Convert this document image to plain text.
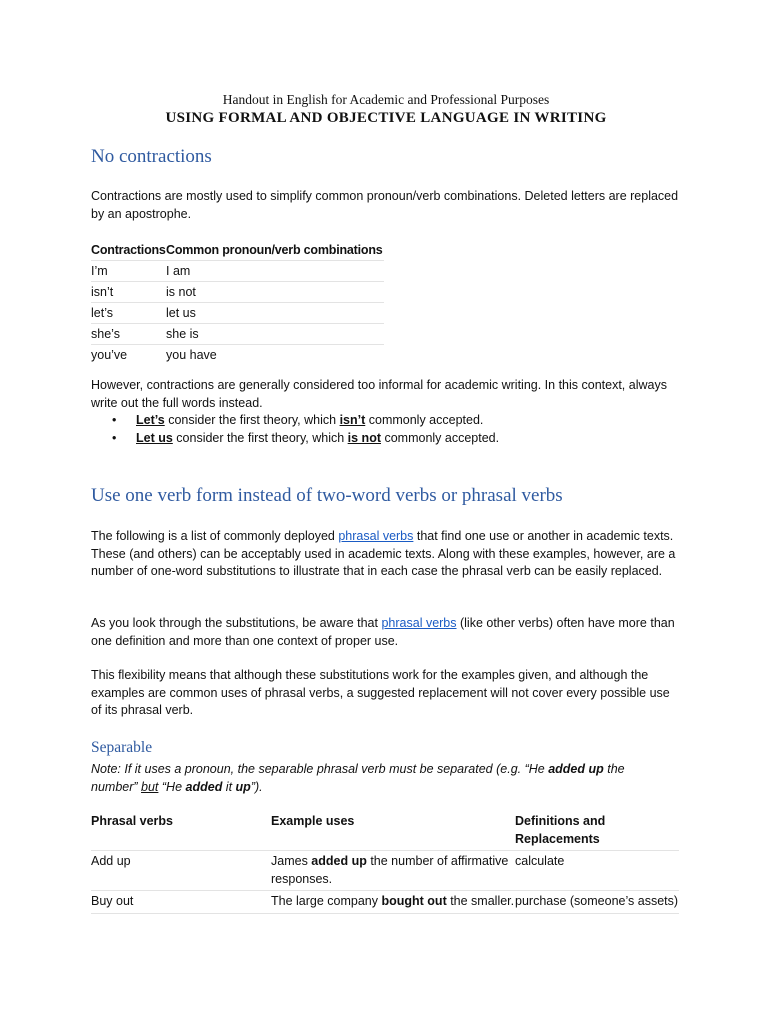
Handout in English for Academic and Professional Purposes
USING FORMAL AND OBJECTIVE LANGUAGE IN WRITING
No contractions

Contractions are mostly used to simplify common pronoun/verb combinations. Deleted letters are replaced by an apostrophe.

Contractions	Common pronoun/verb combinations
I’m	I am
isn’t	is not
let’s	let us
she’s	she is
you’ve	you have

However, contractions are generally considered too informal for academic writing. In this context, always write out the full words instead.

• Let’s consider the first theory, which isn’t commonly accepted.
• Let us consider the first theory, which is not commonly accepted.
Use one verb form instead of two-word verbs or phrasal verbs

The following is a list of commonly deployed phrasal verbs that find one use or another in academic texts. These (and others) can be acceptably used in academic texts. Along with these examples, however, are a number of one-word substitutions to illustrate that in each case the phrasal verb can be easily replaced.

As you look through the substitutions, be aware that phrasal verbs (like other verbs) often have more than one definition and more than one context of proper use.

This flexibility means that although these substitutions work for the examples given, and although the examples are common uses of phrasal verbs, a suggested replacement will not cover every possible use of its phrasal verb.

Separable

Note: If it uses a pronoun, the separable phrasal verb must be separated (e.g. “He added up the number” but “He added it up”).

Phrasal verbs	Example uses	Definitions and Replacements
Add up	James added up the number of affirmative responses.	calculate
Buy out	The large company bought out the smaller.	purchase (someone’s assets)
